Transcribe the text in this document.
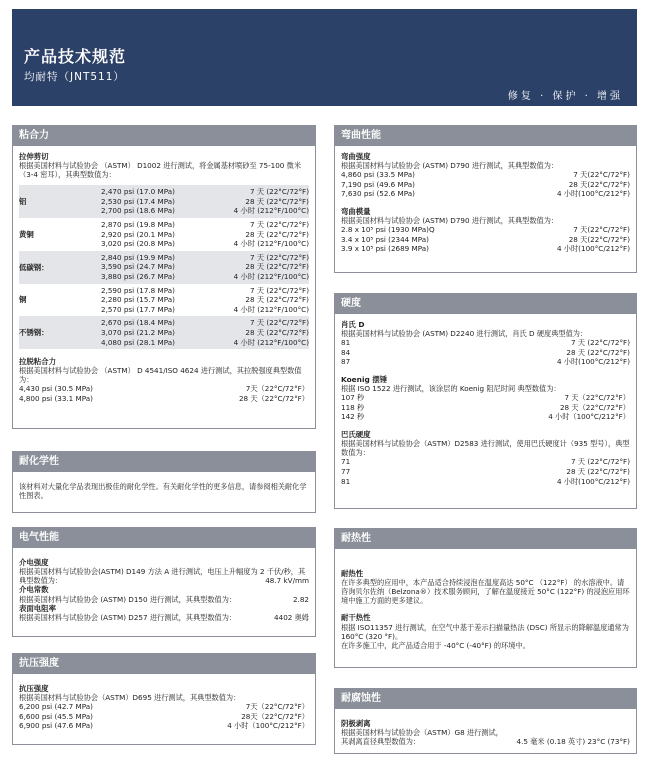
产品技术规范
均耐特（JNT511）
修复 · 保护 · 增强
粘合力
拉伸剪切
根据美国材料与试验协会 （ASTM） D1002 进行测试，将金属基材喷砂至 75-100 微米（3-4 密耳），其典型数值为：
铝
2,470 psi (17.0 MPa)	7 天 (22°C/72°F)
2,530 psi (17.4 MPa)	28 天 (22°C/72°F)
2,700 psi (18.6 MPa)	4 小时 (212°F/100°C)
黄铜
2,870 psi (19.8 MPa)	7 天 (22°C/72°F)
2,920 psi (20.1 MPa)	28 天 (22°C/72°F)
3,020 psi (20.8 MPa)	4 小时 (212°F/100°C)
低碳钢：
2,840 psi (19.9 MPa)	7 天 (22°C/72°F)
3,590 psi (24.7 MPa)	28 天 (22°C/72°F)
3,880 psi (26.7 MPa)	4 小时 (212°F/100°C)
铜
2,590 psi (17.8 MPa)	7 天 (22°C/72°F)
2,280 psi (15.7 MPa)	28 天 (22°C/72°F)
2,570 psi (17.7 MPa)	4 小时 (212°F/100°C)
不锈钢：
2,670 psi (18.4 MPa)	7 天 (22°C/72°F)
3,070 psi (21.2 MPa)	28 天 (22°C/72°F)
4,080 psi (28.1 MPa)	4 小时 (212°F/100°C)
拉脱粘合力
根据美国材料与试验协会 （ASTM） D 4541/ISO 4624 进行测试，其拉脱强度典型数值为：
4,430 psi (30.5 MPa)	7天（22°C/72°F）
4,800 psi (33.1 MPa)	28 天（22°C/72°F）
耐化学性
该材料对大量化学品表现出极佳的耐化学性。有关耐化学性的更多信息，请参阅相关耐化学性图表。
电气性能
介电强度
根据美国材料与试验协会(ASTM) D149 方法 A 进行测试，电压上升幅度为 2 千伏/秒，其典型数值为：	48.7 kV/mm
介电常数
根据美国材料与试验协会 (ASTM) D150 进行测试，其典型数值为：	2.82
表面电阻率
根据美国材料与试验协会 (ASTM) D257 进行测试，其典型数值为：	4402 奥姆
抗压强度
抗压强度
根据美国材料与试验协会（ASTM）D695 进行测试，其典型数值为：
6,200 psi (42.7 MPa)	7天（22°C/72°F）
6,600 psi (45.5 MPa)	28天（22°C/72°F）
6,900 psi (47.6 MPa)	4 小时（100°C/212°F）
弯曲性能
弯曲强度
根据美国材料与试验协会 (ASTM) D790 进行测试，其典型数值为：
4,860 psi (33.5 MPa)	7 天(22°C/72°F)
7,190 psi (49.6 MPa)	28 天(22°C/72°F)
7,630 psi (52.6 MPa)	4 小时(100°C/212°F)
弯曲模量
根据美国材料与试验协会 (ASTM) D790 进行测试，其典型数值为：
2.8 x 10⁵ psi (1930 MPa)Q	7 天(22°C/72°F)
3.4 x 10⁵ psi (2344 MPa)	28 天(22°C/72°F)
3.9 x 10⁵ psi (2689 MPa)	4 小时(100°C/212°F)
硬度
肖氏 D
根据美国材料与试验协会 (ASTM) D2240 进行测试，肖氏 D 硬度典型值为：
81	7 天 (22°C/72°F)
84	28 天 (22°C/72°F)
87	4 小时(100°C/212°F)
Koenig 摆锤
根据 ISO 1522 进行测试，该涂层的 Koenig 阻尼时间 典型数值为：
107 秒	7 天（22°C/72°F）
118 秒	28 天（22°C/72°F）
142 秒	4 小时（100°C/212°F）
巴氏硬度
根据美国材料与试验协会（ASTM）D2583 进行测试，使用巴氏硬度计（935 型号），典型数值为：
71	7 天 (22°C/72°F)
77	28 天 (22°C/72°F)
81	4 小时(100°C/212°F)
耐热性
耐热性
在许多典型的应用中，本产品适合持续浸泡在温度高达 50°C （122°F） 的水溶液中。请咨询贝尔佐纳（Belzona®）技术服务顾问，了解在温度接近 50°C (122°F) 的浸泡应用环境中施工方面的更多建议。
耐干热性
根据 ISO11357 进行测试，在空气中基于差示扫描量热法 (DSC) 所显示的降解温度通常为 160°C (320 °F)。
在许多施工中，此产品适合用于 -40°C (-40°F) 的环境中。
耐腐蚀性
阴极剥离
根据美国材料与试验协会（ASTM）G8 进行测试，
其剥离直径典型数值为：	4.5 毫米 (0.18 英寸) 23°C (73°F)
